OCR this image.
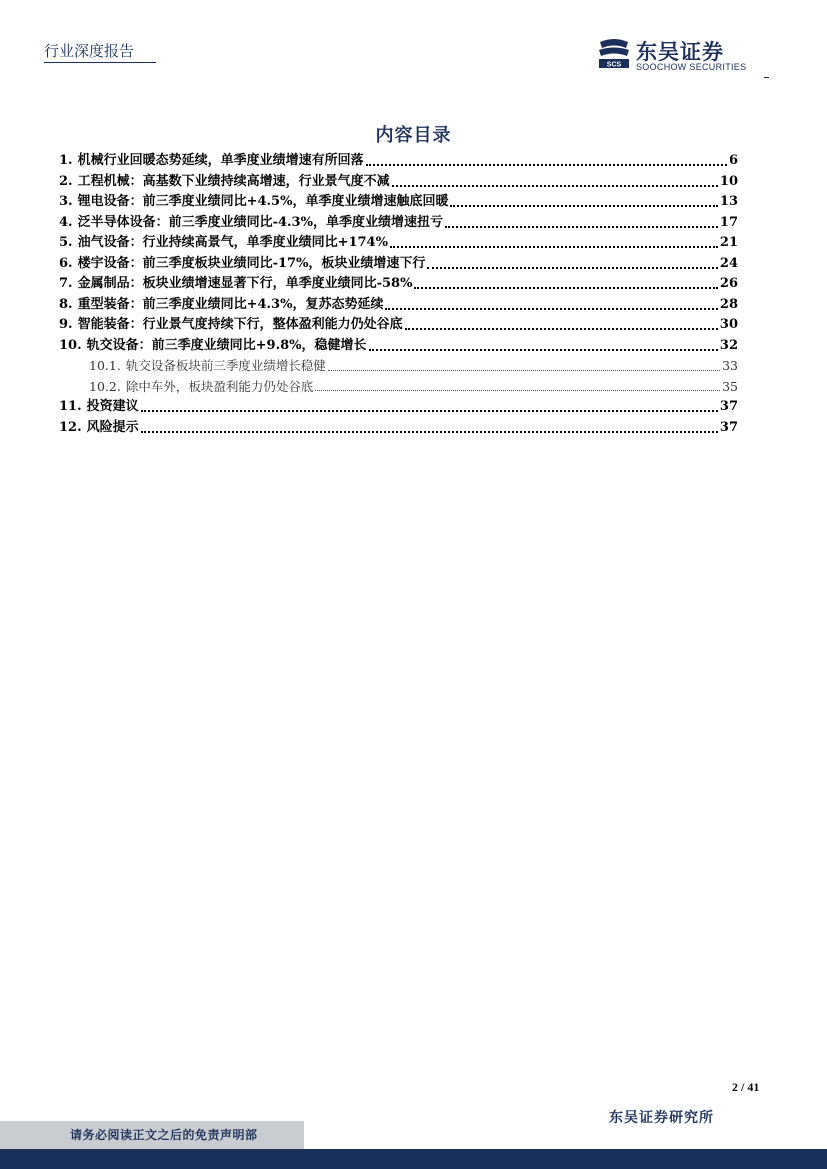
行业深度报告
SCS
东吴证券
SOOCHOW SECURITIES
内容目录
1. 机械行业回暖态势延续，单季度业绩增速有所回落	6
2. 工程机械：高基数下业绩持续高增速，行业景气度不减	10
3. 锂电设备：前三季度业绩同比+4.5%，单季度业绩增速触底回暖	13
4. 泛半导体设备：前三季度业绩同比-4.3%，单季度业绩增速扭亏	17
5. 油气设备：行业持续高景气，单季度业绩同比+174%	21
6. 楼宇设备：前三季度板块业绩同比-17%，板块业绩增速下行	24
7. 金属制品：板块业绩增速显著下行，单季度业绩同比-58%	26
8. 重型装备：前三季度业绩同比+4.3%，复苏态势延续	28
9. 智能装备：行业景气度持续下行，整体盈利能力仍处谷底	30
10. 轨交设备：前三季度业绩同比+9.8%，稳健增长	32
10.1. 轨交设备板块前三季度业绩增长稳健	33
10.2. 除中车外，板块盈利能力仍处谷底	35
11. 投资建议	37
12. 风险提示	37
2 / 41
东吴证券研究所
请务必阅读正文之后的免责声明部
